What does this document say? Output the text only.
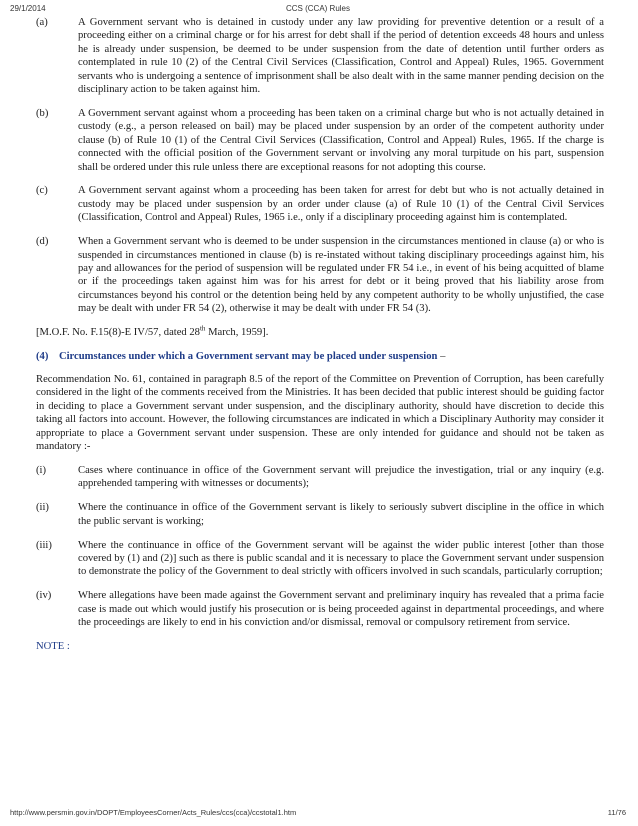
29/1/2014	CCS (CCA) Rules
(a)	A Government servant who is detained in custody under any law providing for preventive detention or a result of a proceeding either on a criminal charge or for his arrest for debt shall if the period of detention exceeds 48 hours and unless he is already under suspension, be deemed to be under suspension from the date of detention until further orders as contemplated in rule 10 (2) of the Central Civil Services (Classification, Control and Appeal) Rules, 1965. Government servants who is undergoing a sentence of imprisonment shall be also dealt with in the same manner pending decision on the disciplinary action to be taken against him.
(b)	A Government servant against whom a proceeding has been taken on a criminal charge but who is not actually detained in custody (e.g., a person released on bail) may be placed under suspension by an order of the competent authority under clause (b) of Rule 10 (1) of the Central Civil Services (Classification, Control and Appeal) Rules, 1965. If the charge is connected with the official position of the Government servant or involving any moral turpitude on his part, suspension shall be ordered under this rule unless there are exceptional reasons for not adopting this course.
(c)	A Government servant against whom a proceeding has been taken for arrest for debt but who is not actually detained in custody may be placed under suspension by an order under clause (a) of Rule 10 (1) of the Central Civil Services (Classification, Control and Appeal) Rules, 1965 i.e., only if a disciplinary proceeding against him is contemplated.
(d)	When a Government servant who is deemed to be under suspension in the circumstances mentioned in clause (a) or who is suspended in circumstances mentioned in clause (b) is re-instated without taking disciplinary proceedings against him, his pay and allowances for the period of suspension will be regulated under FR 54 i.e., in event of his being acquitted of blame or if the proceedings taken against him was for his arrest for debt or it being proved that his liability arose from circumstances beyond his control or the detention being held by any competent authority to be wholly unjustified, the case may be dealt with under FR 54 (2), otherwise it may be dealt with under FR 54 (3).
[M.O.F. No. F.15(8)-E IV/57, dated 28th March, 1959].
(4) Circumstances under which a Government servant may be placed under suspension –
Recommendation No. 61, contained in paragraph 8.5 of the report of the Committee on Prevention of Corruption, has been carefully considered in the light of the comments received from the Ministries. It has been decided that public interest should be guiding factor in deciding to place a Government servant under suspension, and the disciplinary authority, should have discretion to decide this taking all factors into account. However, the following circumstances are indicated in which a Disciplinary Authority may consider it appropriate to place a Government servant under suspension. These are only intended for guidance and should not be taken as mandatory :-
(i)	Cases where continuance in office of the Government servant will prejudice the investigation, trial or any inquiry (e.g. apprehended tampering with witnesses or documents);
(ii)	Where the continuance in office of the Government servant is likely to seriously subvert discipline in the office in which the public servant is working;
(iii)	Where the continuance in office of the Government servant will be against the wider public interest [other than those covered by (1) and (2)] such as there is public scandal and it is necessary to place the Government servant under suspension to demonstrate the policy of the Government to deal strictly with officers involved in such scandals, particularly corruption;
(iv)	Where allegations have been made against the Government servant and preliminary inquiry has revealed that a prima facie case is made out which would justify his prosecution or is being proceeded against in departmental proceedings, and where the proceedings are likely to end in his conviction and/or dismissal, removal or compulsory retirement from service.
NOTE :
http://www.persmin.gov.in/DOPT/EmployeesCorner/Acts_Rules/ccs(cca)/ccstotal1.htm	11/76
